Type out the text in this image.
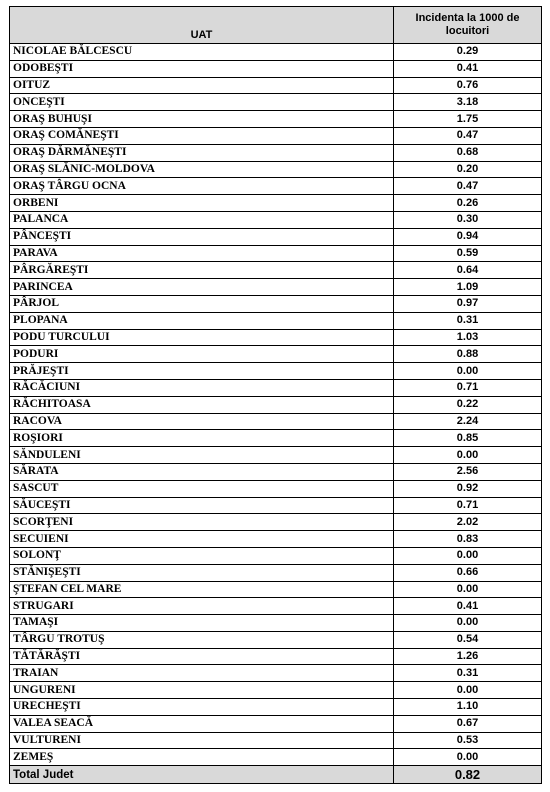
UAT	Incidenta la 1000 de locuitori
NICOLAE BĂLCESCU	0.29
ODOBEŞTI	0.41
OITUZ	0.76
ONCEŞTI	3.18
ORAŞ BUHUŞI	1.75
ORAŞ COMĂNEŞTI	0.47
ORAŞ DĂRMĂNEŞTI	0.68
ORAŞ SLĂNIC-MOLDOVA	0.20
ORAŞ TÂRGU OCNA	0.47
ORBENI	0.26
PALANCA	0.30
PÂNCEŞTI	0.94
PARAVA	0.59
PÂRGĂREŞTI	0.64
PARINCEA	1.09
PÂRJOL	0.97
PLOPANA	0.31
PODU TURCULUI	1.03
PODURI	0.88
PRĂJEŞTI	0.00
RĂCĂCIUNI	0.71
RĂCHITOASA	0.22
RACOVA	2.24
ROŞIORI	0.85
SĂNDULENI	0.00
SĂRATA	2.56
SASCUT	0.92
SĂUCEŞTI	0.71
SCORŢENI	2.02
SECUIENI	0.83
SOLONŢ	0.00
STĂNIŞEŞTI	0.66
ŞTEFAN CEL MARE	0.00
STRUGARI	0.41
TAMAŞI	0.00
TÂRGU TROTUŞ	0.54
TĂTĂRĂŞTI	1.26
TRAIAN	0.31
UNGURENI	0.00
URECHEŞTI	1.10
VALEA SEACĂ	0.67
VULTURENI	0.53
ZEMEŞ	0.00
Total Judet	0.82
